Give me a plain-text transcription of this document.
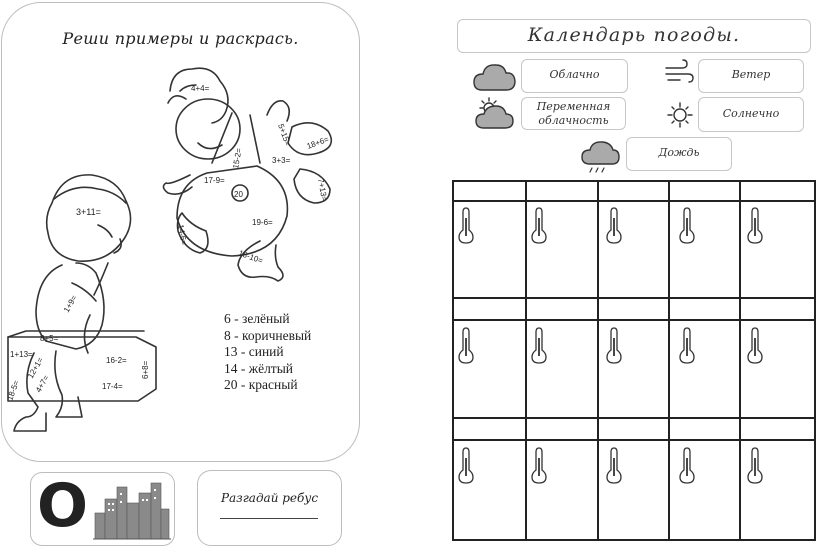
Реши примеры и раскрась.
4+4=
5+15= 18+6=
15-2=	3+3=
17-9=
20
19-6=
14-6=
7+13=
3+11=
18-10=
1+9=
8+5=
1+13=
16-2=
12+1=
17-4=
18-5=
6+8=
4+7=
6 - зелёный
8 - коричневый
13 - синий
14 - жёлтый
20 - красный
О	Разгадай ребус
Календарь погоды.
Облачно	Ветер
Переменная облачность
Солнечно
Дождь
